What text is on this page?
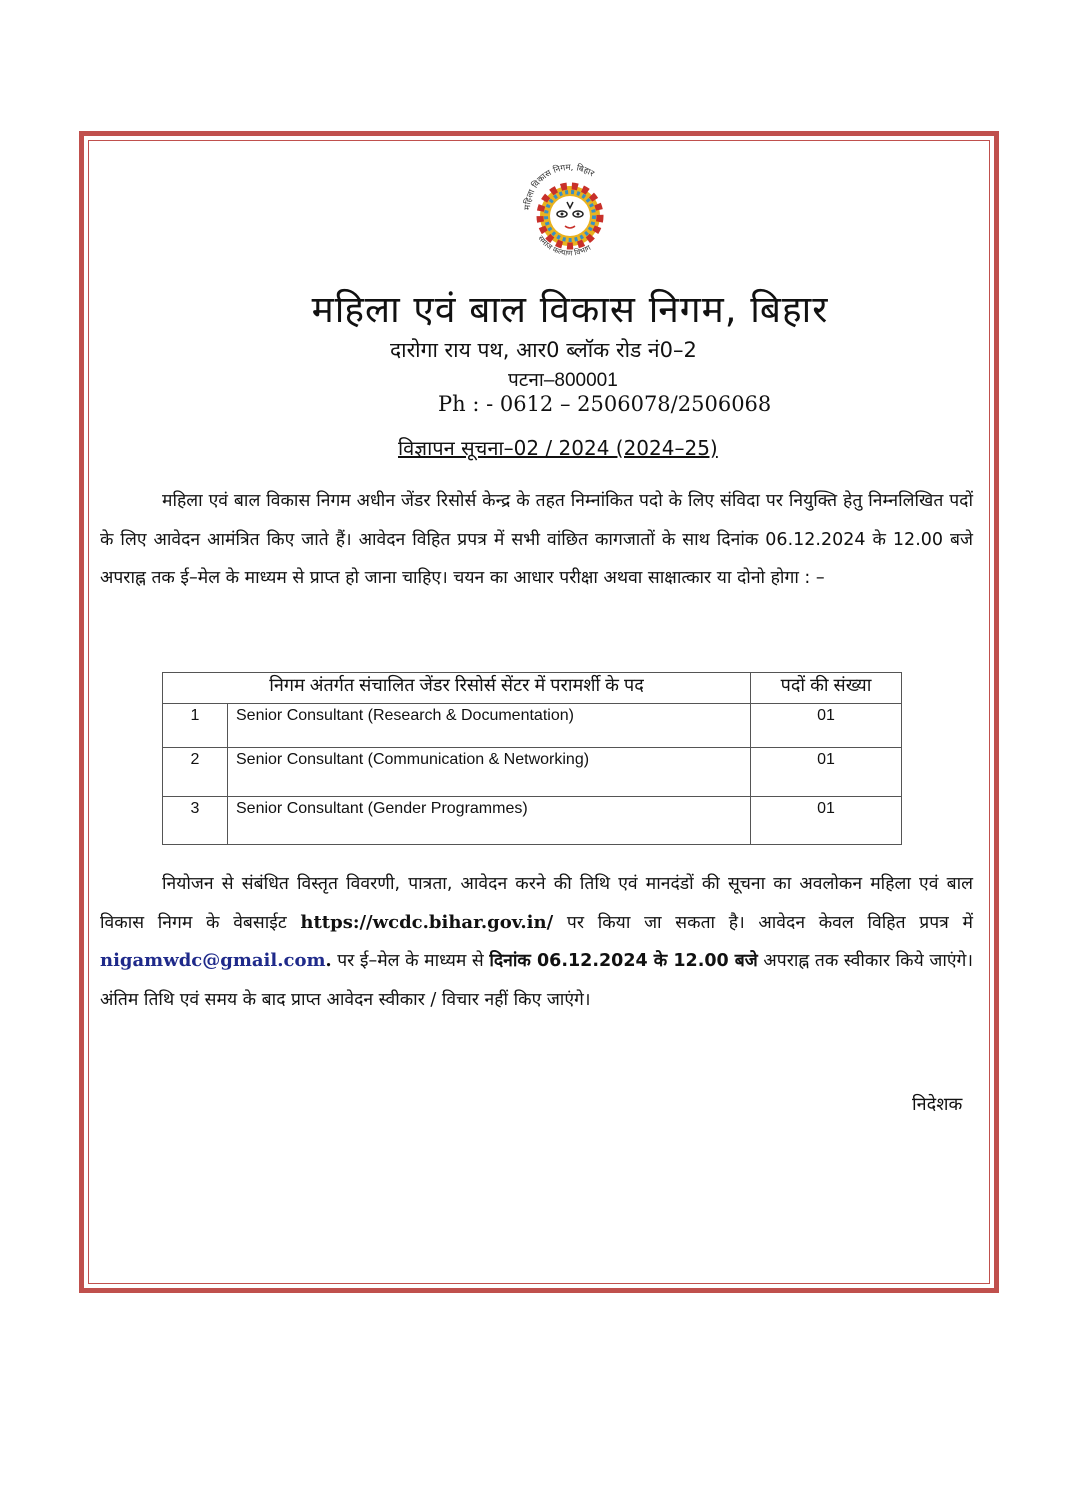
महिला विकास निगम, बिहार
समाज कल्याण विभाग
महिला एवं बाल विकास निगम, बिहार
दारोगा राय पथ, आर0 ब्लॉक रोड नं0–2
पटना–800001
Ph : - 0612 – 2506078/2506068
विज्ञापन सूचना–02 / 2024 (2024–25)
महिला एवं बाल विकास निगम अधीन जेंडर रिसोर्स केन्द्र के तहत निम्नांकित पदो के लिए संविदा पर नियुक्ति हेतु निम्नलिखित पदों के लिए आवेदन आमंत्रित किए जाते हैं। आवेदन विहित प्रपत्र में सभी वांछित कागजातों के साथ दिनांक 06.12.2024 के 12.00 बजे अपराह्न तक ई–मेल के माध्यम से प्राप्त हो जाना चाहिए। चयन का आधार परीक्षा अथवा साक्षात्कार या दोनो होगा : –
निगम अंतर्गत संचालित जेंडर रिसोर्स सेंटर में परामर्शी के पद		पदों की संख्या
1	Senior Consultant (Research & Documentation)	01
2	Senior Consultant (Communication & Networking)	01
3	Senior Consultant (Gender Programmes)	01
नियोजन से संबंधित विस्तृत विवरणी, पात्रता, आवेदन करने की तिथि एवं मानदंडों की सूचना का अवलोकन महिला एवं बाल विकास निगम के वेबसाईट https://wcdc.bihar.gov.in/ पर किया जा सकता है। आवेदन केवल विहित प्रपत्र में nigamwdc@gmail.com. पर ई–मेल के माध्यम से दिनांक 06.12.2024 के 12.00 बजे अपराह्न तक स्वीकार किये जाएंगे। अंतिम तिथि एवं समय के बाद प्राप्त आवेदन स्वीकार / विचार नहीं किए जाएंगे।
निदेशक
